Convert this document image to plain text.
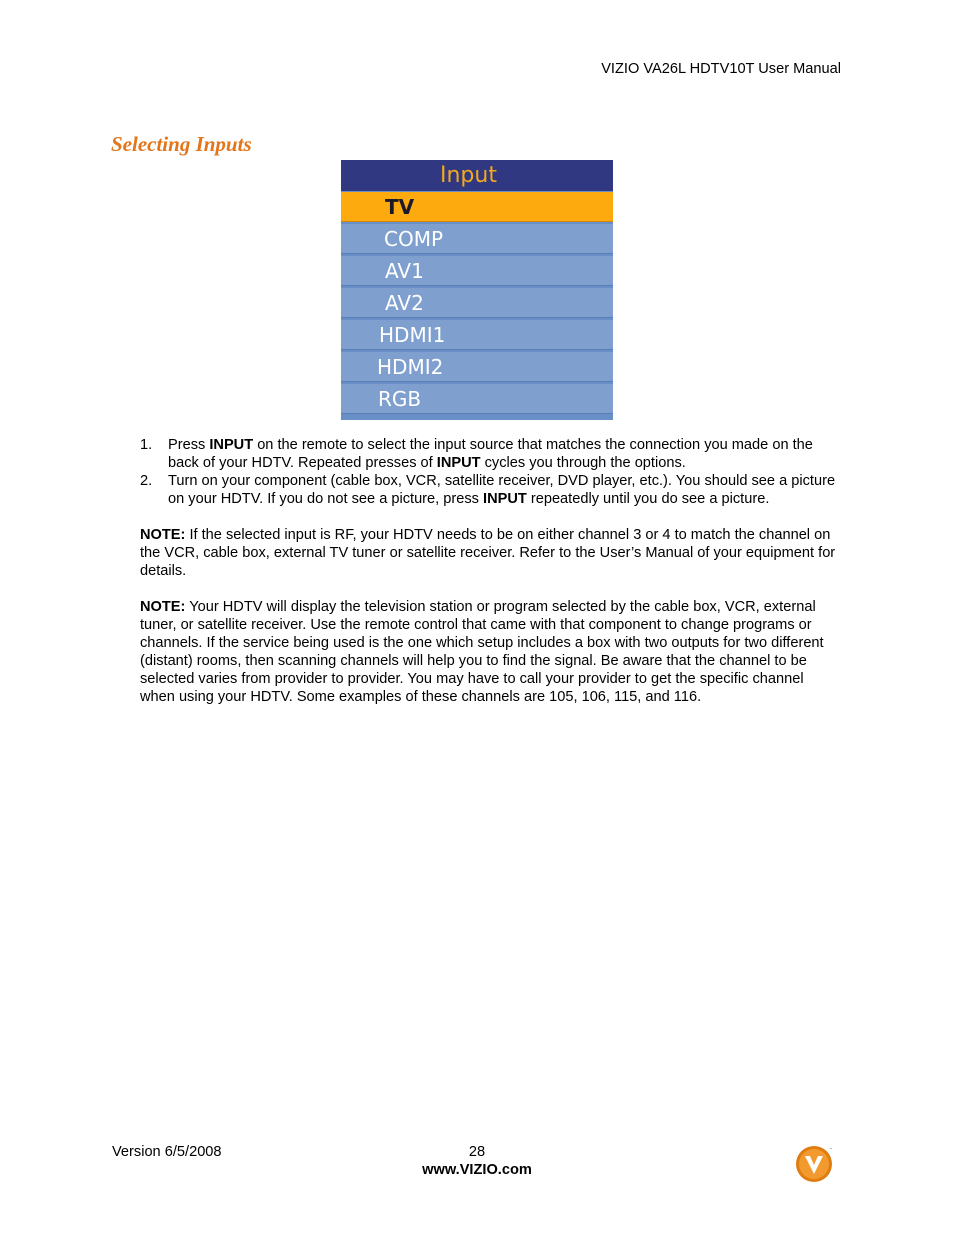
VIZIO VA26L HDTV10T User Manual
Selecting Inputs
Input
TV
COMP
AV1
AV2
HDMI1
HDMI2
RGB
1. Press INPUT on the remote to select the input source that matches the connection you made on the back of your HDTV. Repeated presses of INPUT cycles you through the options.
2. Turn on your component (cable box, VCR, satellite receiver, DVD player, etc.). You should see a picture on your HDTV. If you do not see a picture, press INPUT repeatedly until you do see a picture.

NOTE: If the selected input is RF, your HDTV needs to be on either channel 3 or 4 to match the channel on the VCR, cable box, external TV tuner or satellite receiver. Refer to the User’s Manual of your equipment for details.

NOTE: Your HDTV will display the television station or program selected by the cable box, VCR, external tuner, or satellite receiver. Use the remote control that came with that component to change programs or channels. If the service being used is the one which setup includes a box with two outputs for two different (distant) rooms, then scanning channels will help you to find the signal. Be aware that the channel to be selected varies from provider to provider. You may have to call your provider to get the specific channel when using your HDTV. Some examples of these channels are 105, 106, 115, and 116.

Version 6/5/2008	28
www.VIZIO.com
™
